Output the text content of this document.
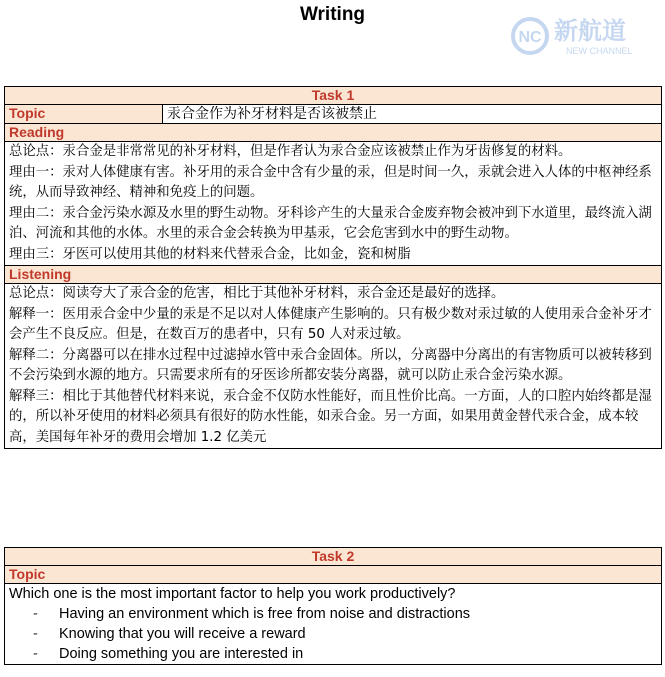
Writing
NC 新航道
NEW CHANNEL
Task 1
Topic	汞合金作为补牙材料是否该被禁止
Reading

总论点：汞合金是非常常见的补牙材料，但是作者认为汞合金应该被禁止作为牙齿修复的材料。

理由一：汞对人体健康有害。补牙用的汞合金中含有少量的汞，但是时间一久，汞就会进入人体的中枢神经系统，从而导致神经、精神和免疫上的问题。

理由二：汞合金污染水源及水里的野生动物。牙科诊产生的大量汞合金废弃物会被冲到下水道里，最终流入湖泊、河流和其他的水体。水里的汞合金会转换为甲基汞，它会危害到水中的野生动物。

理由三：牙医可以使用其他的材料来代替汞合金，比如金，瓷和树脂

Listening

总论点：阅读夸大了汞合金的危害，相比于其他补牙材料，汞合金还是最好的选择。

解释一：医用汞合金中少量的汞是不足以对人体健康产生影响的。只有极少数对汞过敏的人使用汞合金补牙才会产生不良反应。但是，在数百万的患者中，只有 50 人对汞过敏。

解释二：分离器可以在排水过程中过滤掉水管中汞合金固体。所以，分离器中分离出的有害物质可以被转移到不会污染到水源的地方。只需要求所有的牙医诊所都安装分离器，就可以防止汞合金污染水源。

解释三：相比于其他替代材料来说，汞合金不仅防水性能好，而且性价比高。一方面，人的口腔内始终都是湿的，所以补牙使用的材料必须具有很好的防水性能，如汞合金。另一方面，如果用黄金替代汞合金，成本较高，美国每年补牙的费用会增加 1.2 亿美元

Task 2
Topic

Which one is the most important factor to help you work productively?
- Having an environment which is free from noise and distractions
- Knowing that you will receive a reward
- Doing something you are interested in
